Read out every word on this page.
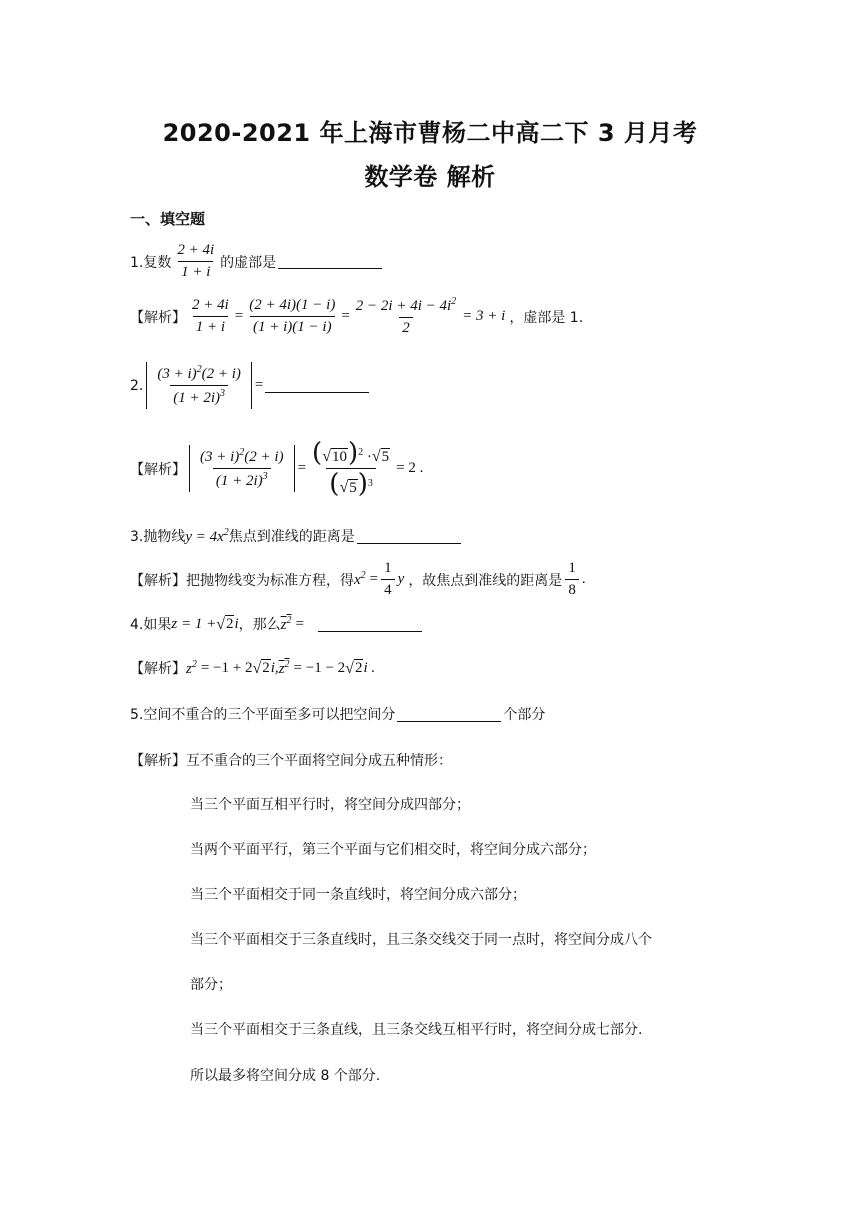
2020-2021 年上海市曹杨二中高二下 3 月月考
数学卷 解析
一、填空题
1.复数 $\frac{2 + 4i}{1 + i}$ 的虚部是
【解析】 $\frac{2 + 4i}{1 + i} = \frac{(2 + 4i)(1 - i)}{(1 + i)(1 - i)} = \frac{2 - 2i + 4i - 4i^2}{2} = 3 + i$ ，虚部是 1.
2. $\frac{(3 + i)^2(2 + i)}{(1 + 2i)^3}$ =
【解析】 $\frac{(3 + i)^2(2 + i)}{(1 + 2i)^3} = \frac{( √ 10 )^2 \cdot √ 5}{( √ 5 )^3} = 2$ .
3.抛物线 $y = 4x^2$ 焦点到准线的距离是
【解析】 把抛物线变为标准方程，得 $x^2 = \frac{1}{4}$ y ，故焦点到准线的距离是 $\frac{1}{8}$ .
4.如果 z = 1 + √ 2 i ，那么 $z^2$ =
【解析】 $z^2 = -1 + 2$ √ 2 i, $z^2 = -1 - 2$ √ 2 i .
5.空间不重合的三个平面至多可以把空间分	个部分
【解析】 互不重合的三个平面将空间分成五种情形：
当三个平面互相平行时，将空间分成四部分；
当两个平面平行，第三个平面与它们相交时，将空间分成六部分；
当三个平面相交于同一条直线时，将空间分成六部分；
当三个平面相交于三条直线时，且三条交线交于同一点时，将空间分成八个
部分；
当三个平面相交于三条直线，且三条交线互相平行时，将空间分成七部分.
所以最多将空间分成 8 个部分.
